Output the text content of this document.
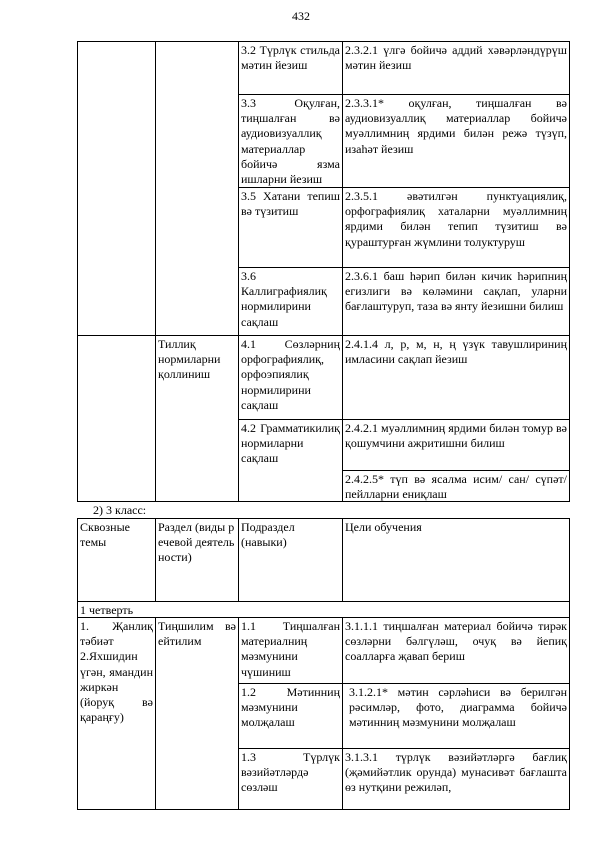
432
3.2 Түрлүк стильда мәтин йезиш
2.3.2.1 үлгә бойичә аддий хәвәрләндүрүш мәтин йезиш
3.3 Оқулған, тиңшалған вә аудиовизуаллиқ материаллар бойичә язма ишларни йезиш
2.3.3.1* оқулған, тиңшалған вә аудиовизуаллиқ материаллар бойичә муәллимниң ярдими билән режә түзүп, изаһәт йезиш
3.5 Хатани тепиш вә түзитиш
2.3.5.1 әвәтилгән пунктуациялиқ, орфографиялиқ хаталарни муәллимниң ярдими билән тепип түзитиш вә қураштурған жүмлини толуктуруш
3.6 Каллиграфиялиқ нормилирини сақлаш
2.3.6.1 баш һәрип билән кичик һәрипниң егизлиги вә көләмини сақлап, уларни бағлаштуруп, таза вә янту йезишни билиш
Тиллиқ нормиларни қоллиниш
4.1 Сөзләрниң орфографиялиқ, орфоэпиялиқ нормилирини сақлаш
2.4.1.4 л, р, м, н, ң үзүк тавушлириниң имласини сақлап йезиш
4.2 Грамматикилиқ нормиларни сақлаш
2.4.2.1 муәллимниң ярдими билән томур вә қошумчини ажритишни билиш
2.4.2.5* түп вә ясалма исим/ сан/ сүпәт/пейлларни ениқлаш
2) 3 класс:
Сквозные темы
Раздел (виды речевой деятельности)
Подраздел (навыки)
Цели обучения
1 четверть
1. Җанлиқ тәбиәт 2.Яхшидин үгән, ямандин жиркән (йоруқ вә қараңғу)
Тиңшилим вә ейтилим
1.1 Тиңшалған материалниң мәзмунини чүшиниш
3.1.1.1 тиңшалған материал бойичә тирәк сөзләрни бәлгүләш, очуқ вә йепиқ соалларға җавап бериш
1.2 Мәтинниң мәзмунини молҗалаш
3.1.2.1* мәтин сәрләһиси вә берилгән рәсимләр, фото, диаграмма бойичә мәтинниң мәзмунини молҗалаш
1.3 Түрлүк вәзийәтләрдә сөзләш
3.1.3.1 түрлүк вәзийәтләргә бағлиқ (җәмийәтлик орунда) мунасивәт бағлашта өз нутқини режиләп,
